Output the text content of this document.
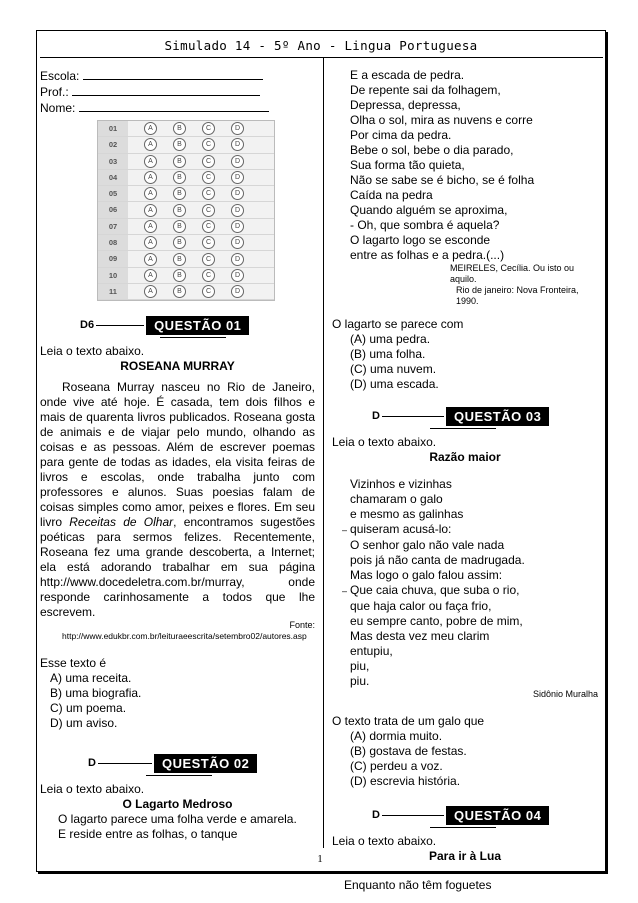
Simulado 14 - 5º Ano - Lingua Portuguesa
Escola:
Prof.:
Nome:
01	A	B	C	D
02	A	B	C	D
03	A	B	C	D
04	A	B	C	D
05	A	B	C	D
06	A	B	C	D
07	A	B	C	D
08	A	B	C	D
09	A	B	C	D
10	A	B	C	D
11	A	B	C	D
D6	QUESTÃO 01

Leia o texto abaixo.

ROSEANA MURRAY

Roseana Murray nasceu no Rio de Janeiro, onde vive até hoje. É casada, tem dois filhos e mais de quarenta livros publicados. Roseana gosta de animais e de viajar pelo mundo, olhando as coisas e as pessoas. Além de escrever poemas para gente de todas as idades, ela visita feiras de livros e escolas, onde trabalha junto com professores e alunos. Suas poesias falam de coisas simples como amor, peixes e flores. Em seu livro Receitas de Olhar, encontramos sugestões poéticas para sermos felizes. Recentemente, Roseana fez uma grande descoberta, a Internet; ela está adorando trabalhar em sua página http://www.docedeletra.com.br/murray, onde responde carinhosamente a todos que lhe escrevem.

Fonte:

http://www.edukbr.com.br/leituraeescrita/setembro02/autores.asp

Esse texto é

A) uma receita.
B) uma biografia.
C) um poema.
D) um aviso.
D	QUESTÃO 02

Leia o texto abaixo.

O Lagarto Medroso

O lagarto parece uma folha verde e amarela.
E reside entre as folhas, o tanque
E a escada de pedra.
De repente sai da folhagem,
Depressa, depressa,
Olha o sol, mira as nuvens e corre
Por cima da pedra.
Bebe o sol, bebe o dia parado,
Sua forma tão quieta,
Não se sabe se é bicho, se é folha
Caída na pedra
Quando alguém se aproxima,
- Oh, que sombra é aquela?
O lagarto logo se esconde
entre as folhas e a pedra.(...)

MEIRELES, Cecília. Ou isto ou aquilo.

Rio de janeiro: Nova Fronteira, 1990.

O lagarto se parece com

(A) uma pedra.
(B) uma folha.
(C) uma nuvem.
(D) uma escada.
D	QUESTÃO 03

Leia o texto abaixo.

Razão maior

Vizinhos e vizinhas
chamaram o galo
e mesmo as galinhas
– quiseram acusá-lo:
O senhor galo não vale nada
pois já não canta de madrugada.
Mas logo o galo falou assim:
– Que caia chuva, que suba o rio,
que haja calor ou faça frio,
eu sempre canto, pobre de mim,
Mas desta vez meu clarim
entupiu,
piu,
piu.

Sidônio Muralha

O texto trata de um galo que

(A) dormia muito.
(B) gostava de festas.
(C) perdeu a voz.
(D) escrevia história.
D	QUESTÃO 04

Leia o texto abaixo.

Para ir à Lua

Enquanto não têm foguetes

1
